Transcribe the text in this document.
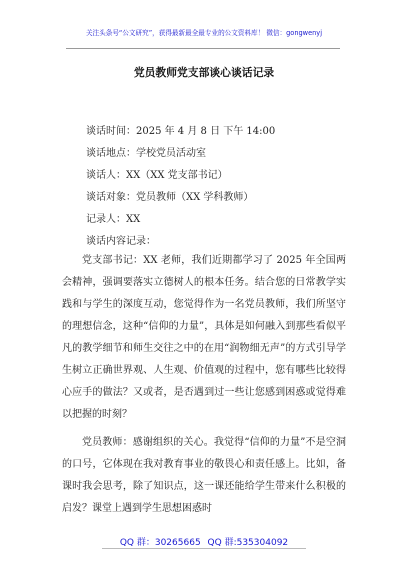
关注头条号“公文研究”，获得最新最全最专业的公文资料库！ 微信：gongwenyj
党员教师党支部谈心谈话记录
谈话时间：2025 年 4 月 8 日 下午 14:00
谈话地点：学校党员活动室
谈话人：XX（XX 党支部书记）
谈话对象：党员教师（XX 学科教师）
记录人：XX
谈话内容记录：
党支部书记：XX 老师，我们近期都学习了 2025 年全国两会精神，强调要落实立德树人的根本任务。结合您的日常教学实践和与学生的深度互动，您觉得作为一名党员教师，我们所坚守的理想信念，这种“信仰的力量”，具体是如何融入到那些看似平凡的教学细节和师生交往之中的在用“润物细无声”的方式引导学生树立正确世界观、人生观、价值观的过程中，您有哪些比较得心应手的做法？又或者，是否遇到过一些让您感到困惑或觉得难以把握的时刻？
党员教师：感谢组织的关心。我觉得“信仰的力量”不是空洞的口号，它体现在我对教育事业的敬畏心和责任感上。比如，备课时我会思考，除了知识点，这一课还能给学生带来什么积极的启发？课堂上遇到学生思想困惑时
QQ 群：30265665 QQ 群:535304092
